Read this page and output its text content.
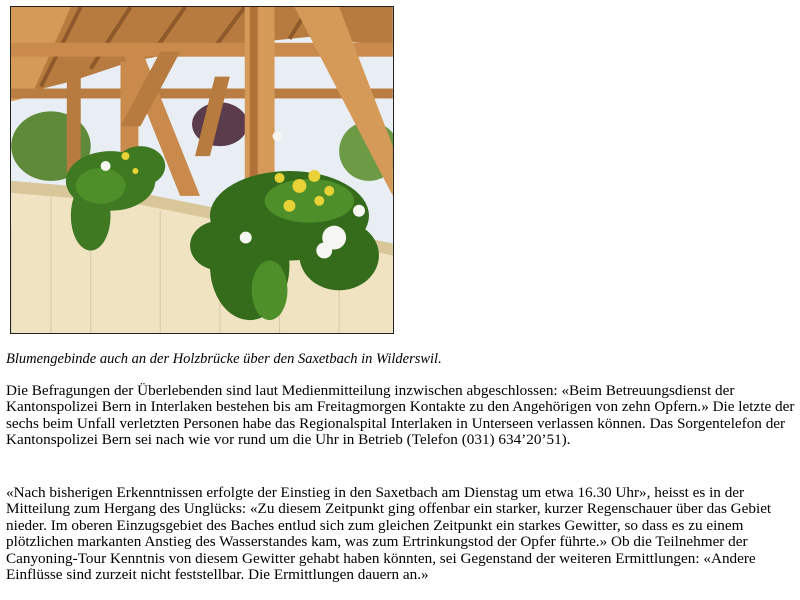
Blumengebinde auch an der Holzbrücke über den Saxetbach in Wilderswil.

Die Befragungen der Überlebenden sind laut Medienmitteilung inzwischen abgeschlossen: «Beim Betreuungsdienst der Kantonspolizei Bern in Interlaken bestehen bis am Freitagmorgen Kontakte zu den Angehörigen von zehn Opfern.» Die letzte der sechs beim Unfall verletzten Personen habe das Regionalspital Interlaken in Unterseen verlassen können. Das Sorgentelefon der Kantonspolizei Bern sei nach wie vor rund um die Uhr in Betrieb (Telefon (031) 634’20’51).

«Nach bisherigen Erkenntnissen erfolgte der Einstieg in den Saxetbach am Dienstag um etwa 16.30 Uhr», heisst es in der Mitteilung zum Hergang des Unglücks: «Zu diesem Zeitpunkt ging offenbar ein starker, kurzer Regenschauer über das Gebiet nieder. Im oberen Einzugsgebiet des Baches entlud sich zum gleichen Zeitpunkt ein starkes Gewitter, so dass es zu einem plötzlichen markanten Anstieg des Wasserstandes kam, was zum Ertrinkungstod der Opfer führte.» Ob die Teilnehmer der Canyoning-Tour Kenntnis von diesem Gewitter gehabt haben könnten, sei Gegenstand der weiteren Ermittlungen: «Andere Einflüsse sind zurzeit nicht feststellbar. Die Ermittlungen dauern an.»
